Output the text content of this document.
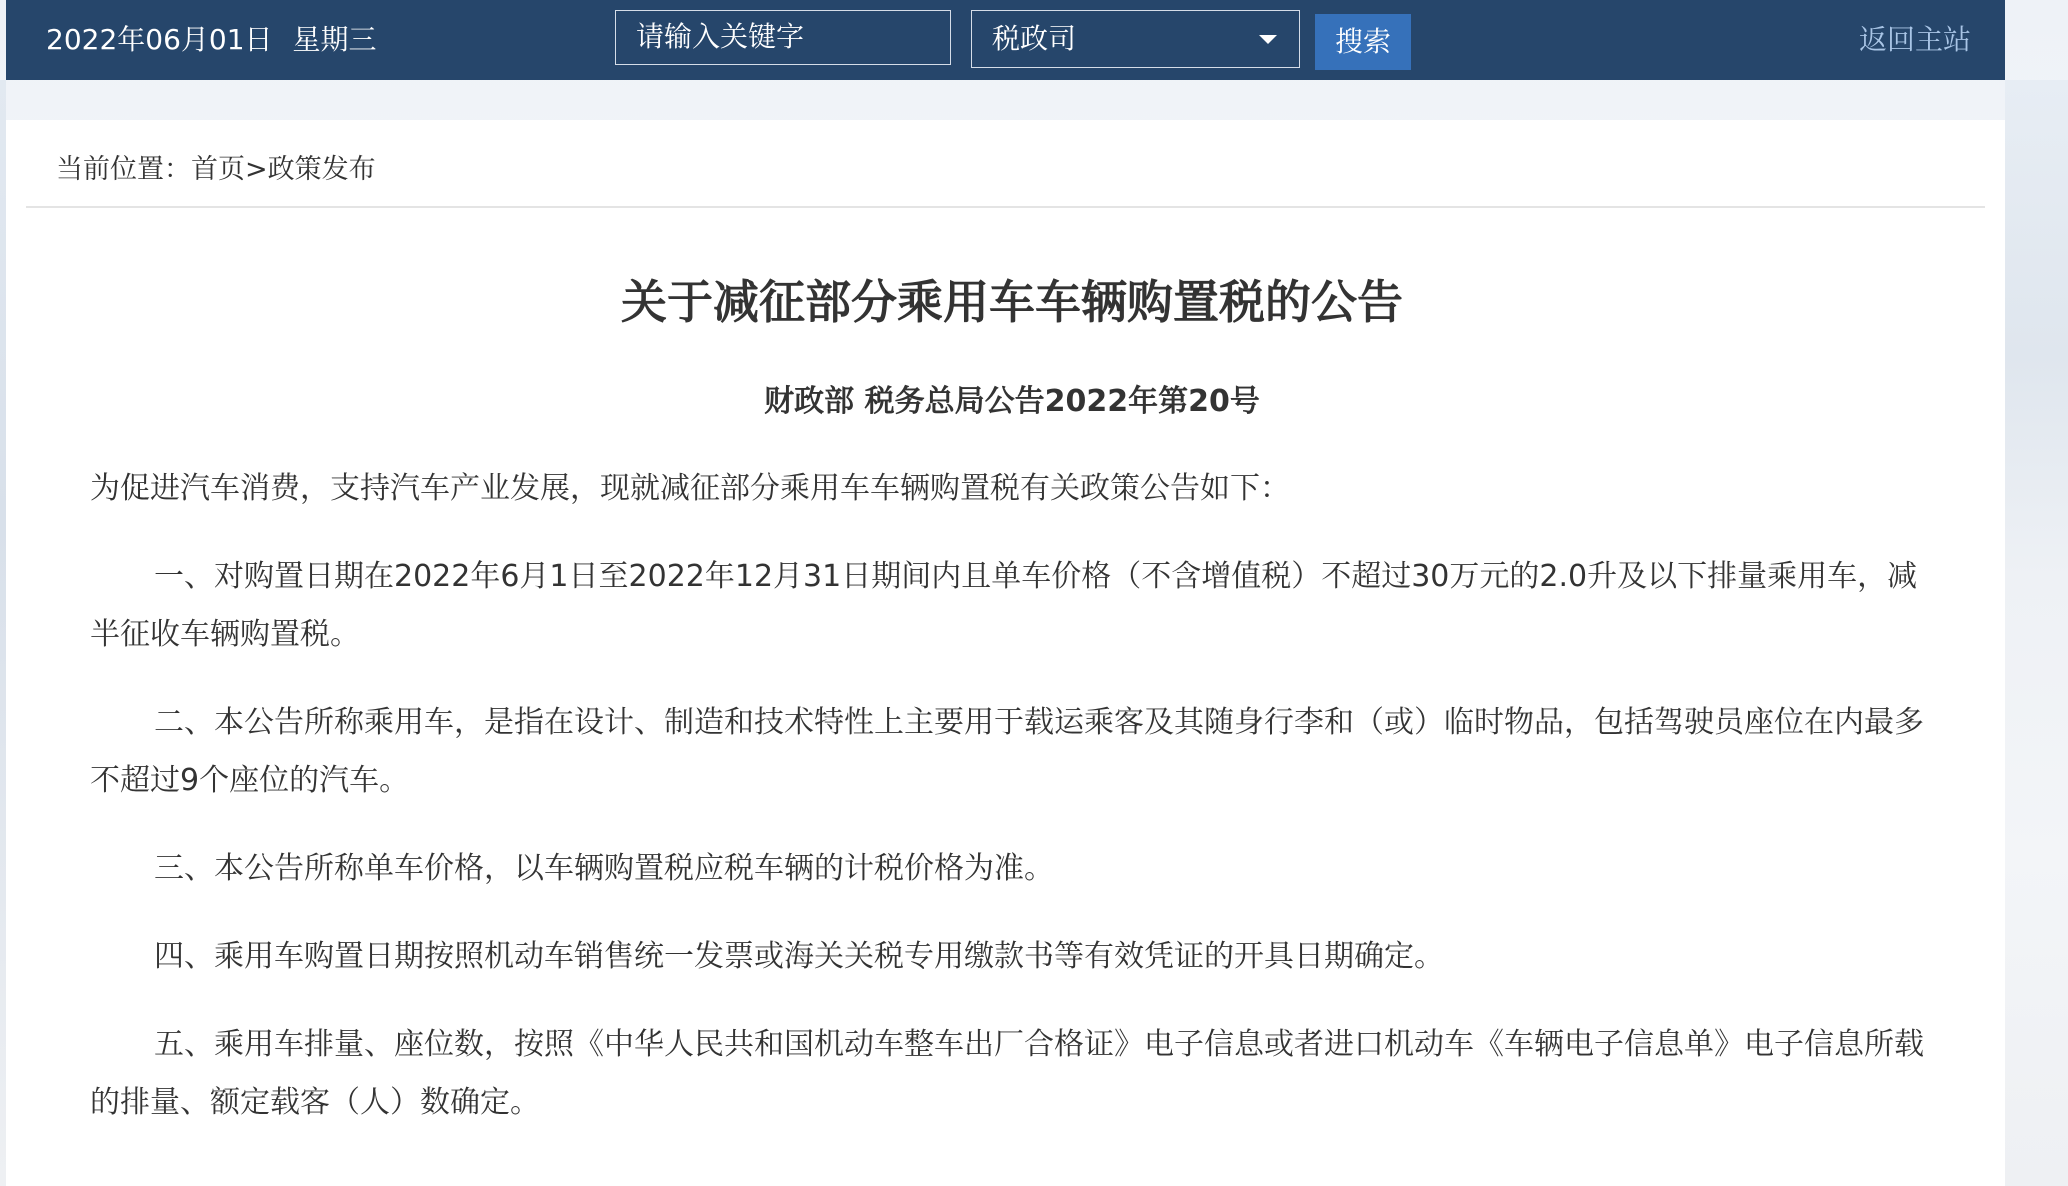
2022年06月01日 星期三	请输入关键字	税政司	搜索	返回主站
当前位置：首页>政策发布
关于减征部分乘用车车辆购置税的公告
财政部 税务总局公告2022年第20号

为促进汽车消费，支持汽车产业发展，现就减征部分乘用车车辆购置税有关政策公告如下：

一、对购置日期在2022年6月1日至2022年12月31日期间内且单车价格（不含增值税）不超过30万元的2.0升及以下排量乘用车，减半征收车辆购置税。

二、本公告所称乘用车，是指在设计、制造和技术特性上主要用于载运乘客及其随身行李和（或）临时物品，包括驾驶员座位在内最多不超过9个座位的汽车。

三、本公告所称单车价格，以车辆购置税应税车辆的计税价格为准。

四、乘用车购置日期按照机动车销售统一发票或海关关税专用缴款书等有效凭证的开具日期确定。

五、乘用车排量、座位数，按照《中华人民共和国机动车整车出厂合格证》电子信息或者进口机动车《车辆电子信息单》电子信息所载的排量、额定载客（人）数确定。
